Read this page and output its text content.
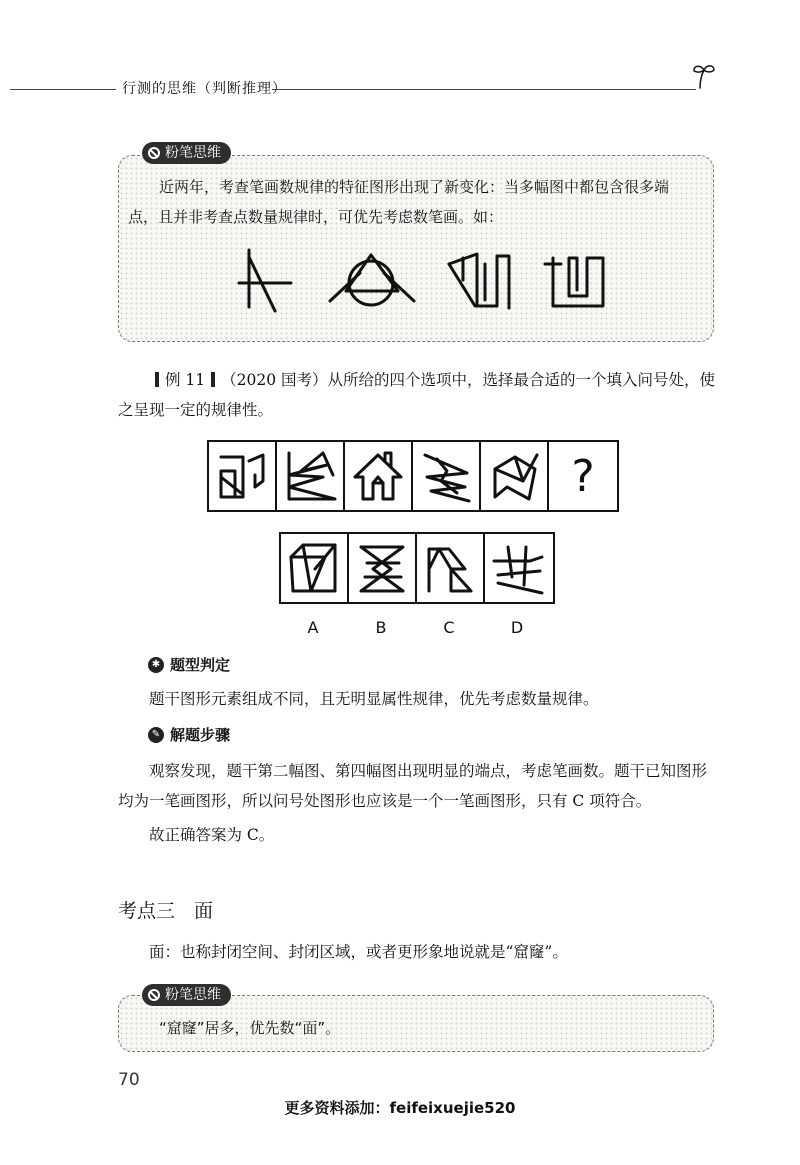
行测的思维（判断推理）
粉笔思维
近两年，考查笔画数规律的特征图形出现了新变化：当多幅图中都包含很多端点，且并非考查点数量规律时，可优先考虑数笔画。如：
例 11 （2020 国考）从所给的四个选项中，选择最合适的一个填入问号处，使之呈现一定的规律性。
?
A	B	C	D
✱ 题型判定
题干图形元素组成不同，且无明显属性规律，优先考虑数量规律。
✎ 解题步骤
观察发现，题干第二幅图、第四幅图出现明显的端点，考虑笔画数。题干已知图形均为一笔画图形，所以问号处图形也应该是一个一笔画图形，只有 C 项符合。
故正确答案为 C。
考点三　面
面：也称封闭空间、封闭区域，或者更形象地说就是“窟窿”。
粉笔思维
“窟窿”居多，优先数“面”。
70
更多资料添加：feifeixuejie520
